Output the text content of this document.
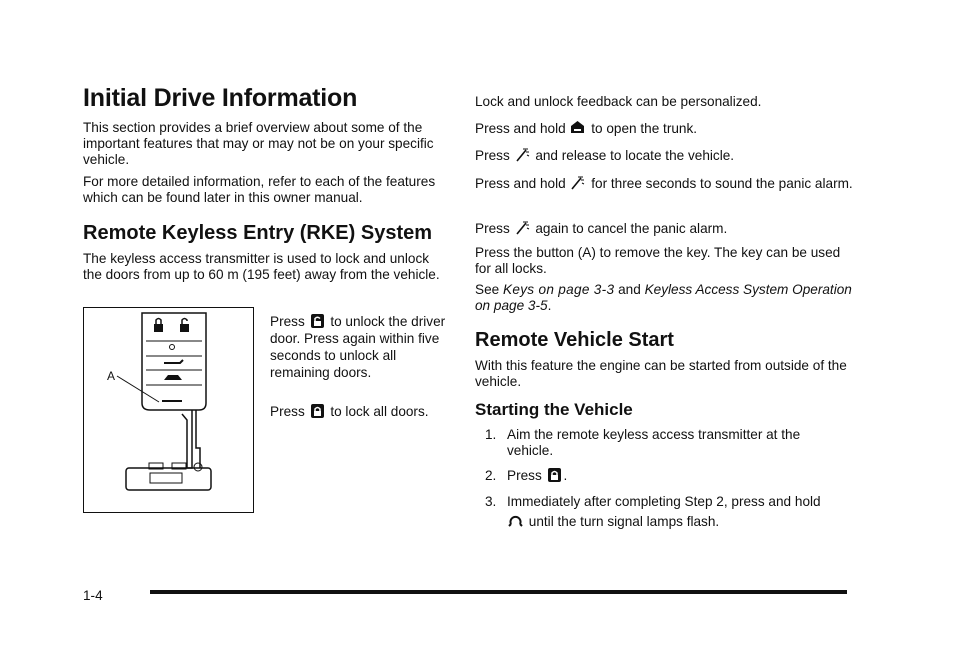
Initial Drive Information

This section provides a brief overview about some of the important features that may or may not be on your specific vehicle.

For more detailed information, refer to each of the features which can be found later in this owner manual.

Remote Keyless Entry (RKE) System

The keyless access transmitter is used to lock and unlock the doors from up to 60 m (195 feet) away from the vehicle.

A

Press to unlock the driver door. Press again within five seconds to unlock all remaining doors.

Press to lock all doors.

Lock and unlock feedback can be personalized.

Press and hold to open the trunk.

Press and release to locate the vehicle.

Press and hold for three seconds to sound the panic alarm.

Press again to cancel the panic alarm.

Press the button (A) to remove the key. The key can be used for all locks.

See Keys on page 3-3 and Keyless Access System Operation on page 3-5.

Remote Vehicle Start

With this feature the engine can be started from outside of the vehicle.

Starting the Vehicle
1. Aim the remote keyless access transmitter at the vehicle.
2. Press .
3. Immediately after completing Step 2, press and hold
until the turn signal lamps flash.
1-4
